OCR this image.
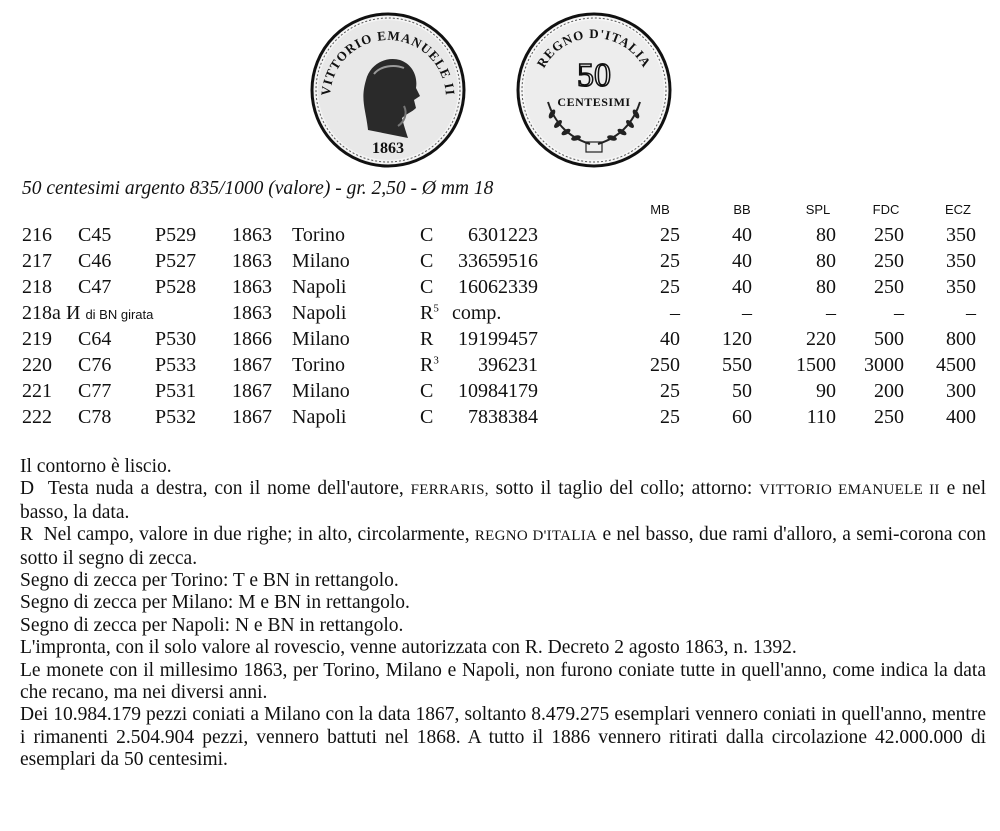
VITTORIO EMANUELE II
1863
REGNO D'ITALIA
50
CENTESIMI
50 centesimi argento 835/1000 (valore) - gr. 2,50 - Ø mm 18
MB	BB	SPL	FDC	ECZ
216 C45 P529 1863 Torino	C	6301223	25	40	80	250	350
217 C46 P527 1863 Milano	C	33659516	25	40	80	250	350
218 C47 P528 1863 Napoli	C	16062339	25	40	80	250	350
218a И di BN girata	1863 Napoli	$R^5$ comp.	–	–	–	–	–
219 C64 P530 1866 Milano	R	19199457	40	120	220	500	800
220 C76 P533 1867 Torino	$R^3$	396231	250	550	1500	3000	4500
221 C77 P531 1867 Milano	C	10984179	25	50	90	200	300
222 C78 P532 1867 Napoli	C	7838384	25	60	110	250	400

Il contorno è liscio.

D Testa nuda a destra, con il nome dell'autore, FERRARIS, sotto il taglio del collo; attorno: VITTORIO EMANUELE II e nel basso, la data.

R Nel campo, valore in due righe; in alto, circolarmente, REGNO D'ITALIA e nel basso, due rami d'alloro, a semi-corona con sotto il segno di zecca.

Segno di zecca per Torino: T e BN in rettangolo.

Segno di zecca per Milano: M e BN in rettangolo.

Segno di zecca per Napoli: N e BN in rettangolo.

L'impronta, con il solo valore al rovescio, venne autorizzata con R. Decreto 2 agosto 1863, n. 1392.

Le monete con il millesimo 1863, per Torino, Milano e Napoli, non furono coniate tutte in quell'anno, come indica la data che recano, ma nei diversi anni.

Dei 10.984.179 pezzi coniati a Milano con la data 1867, soltanto 8.479.275 esemplari vennero coniati in quell'anno, mentre i rimanenti 2.504.904 pezzi, vennero battuti nel 1868. A tutto il 1886 vennero ritirati dalla circolazione 42.000.000 di esemplari da 50 centesimi.
